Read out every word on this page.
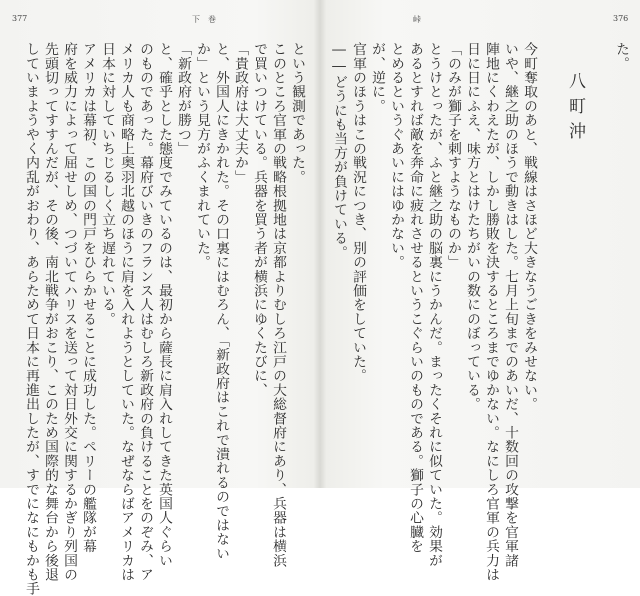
377	下　巻
という観測であった。
このところ官軍の戦略根拠地は京都よりむしろ江戸の大総督府にあり、兵器は横浜
で買いつけている。兵器を買う者が横浜にゆくたびに、
「貴政府は大丈夫か」
と、外国人にきかれた。その口裏にはむろん、「新政府はこれで潰れるのではない
か」という見方がふくまれていた。
「新政府が勝つ」
と、確乎とした態度でみているのは、最初から薩長に肩入れしてきた英国人ぐらい
のものであった。幕府びいきのフランス人はむしろ新政府の負けることをのぞみ、ア
メリカ人も商略上奥羽北越のほうに肩を入れようとしていた。なぜならばアメリカは
日本に対していちじるしく立ち遅れている。
アメリカは幕初、この国の門戸をひらかせることに成功した。ペリーの艦隊が幕
府を威力によって屈せしめ、つづいてハリスを送って対日外交に関するかぎり列国の
先頭切ってすすんだが、その後、南北戦争がおこり、このため国際的な舞台から後退
していまようやく内乱がおわり、あらためて日本に再進出したが、すでになにもかも手
峠	376
た。

八町沖

今町奪取のあと、戦線はさほど大きなうごきをみせない。
いや、継之助のほうで動きはした。七月上旬までのあいだ、十数回の攻撃を官軍諸
陣地にくわえたが、しかし勝敗を決するところまでゆかない。なにしろ官軍の兵力は
日に日にふえ、味方とはけたちがいの数にのぼっている。
「のみが獅子を刺すようなものか」
とうけとったが、ふと継之助の脳裏にうかんだ。まったくそれに似ていた。効果が
あるとすれば敵を奔命に疲れさせるというこぐらいのものである。獅子の心臓を
とめるというぐあいにはゆかない。
が、逆に。
官軍のほうはこの戦況につき、別の評価をしていた。
――どうにも当方が負けている。
